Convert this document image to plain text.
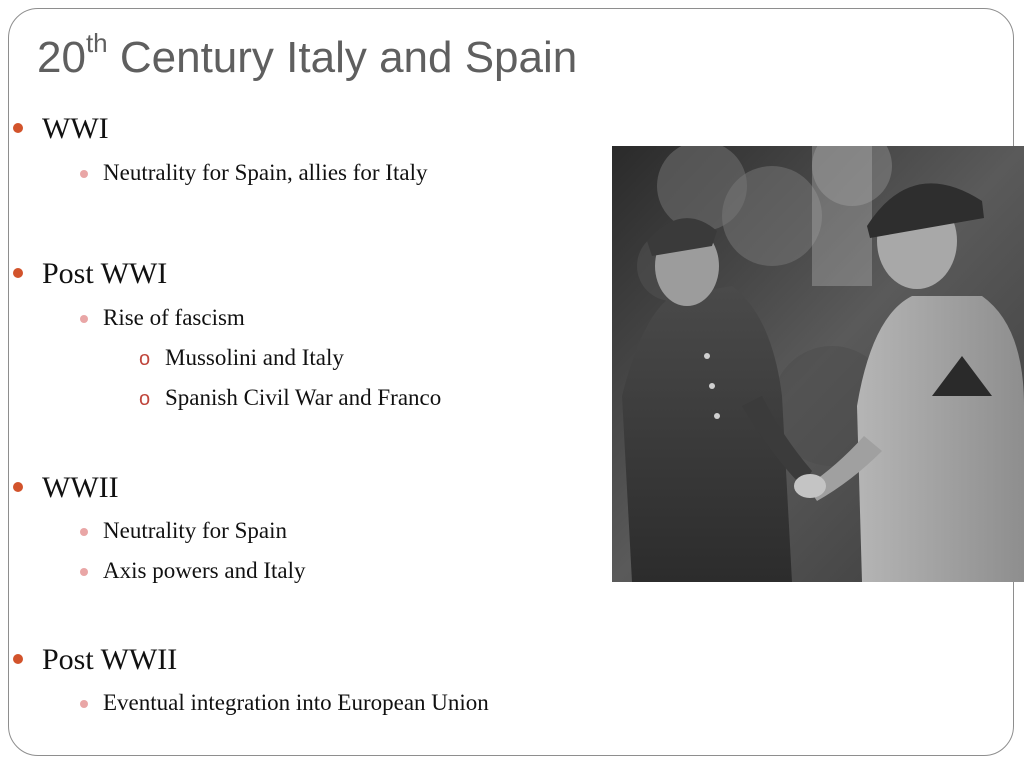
20th Century Italy and Spain
WWI
Neutrality for Spain, allies for Italy
Post WWI
Rise of fascism
o Mussolini and Italy
o Spanish Civil War and Franco
WWII
Neutrality for Spain
Axis powers and Italy
Post WWII
Eventual integration into European Union
